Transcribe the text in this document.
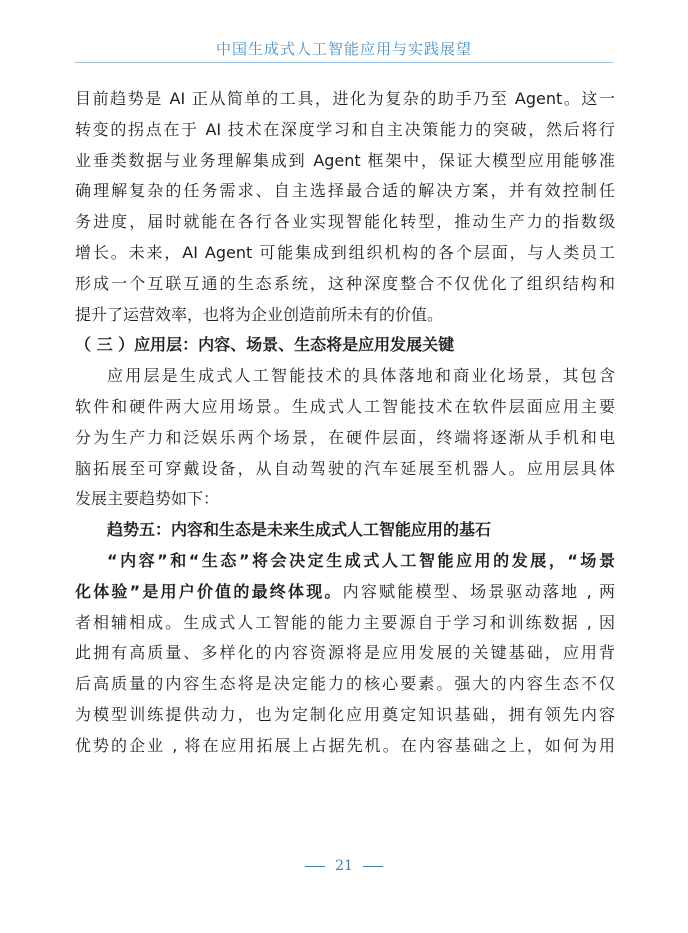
中国生成式人工智能应用与实践展望
目前趋势是 AI 正从简单的工具，进化为复杂的助手乃至 Agent。这一
转变的拐点在于 AI 技术在深度学习和自主决策能力的突破，然后将行
业垂类数据与业务理解集成到 Agent 框架中，保证大模型应用能够准
确理解复杂的任务需求、自主选择最合适的解决方案，并有效控制任
务进度，届时就能在各行各业实现智能化转型，推动生产力的指数级
增长。未来，AI Agent 可能集成到组织机构的各个层面，与人类员工
形成一个互联互通的生态系统，这种深度整合不仅优化了组织结构和
提升了运营效率，也将为企业创造前所未有的价值。
（ 三 ）应用层：内容、场景、生态将是应用发展关键
应用层是生成式人工智能技术的具体落地和商业化场景，其包含
软件和硬件两大应用场景。生成式人工智能技术在软件层面应用主要
分为生产力和泛娱乐两个场景，在硬件层面，终端将逐渐从手机和电
脑拓展至可穿戴设备，从自动驾驶的汽车延展至机器人。应用层具体
发展主要趋势如下：
趋势五：内容和生态是未来生成式人工智能应用的基石
“内容”和“生态”将会决定生成式人工智能应用的发展，“场景
化体验”是用户价值的最终体现。内容赋能模型、场景驱动落地 , 两
者相辅相成。生成式人工智能的能力主要源自于学习和训练数据 , 因
此拥有高质量、多样化的内容资源将是应用发展的关键基础，应用背
后高质量的内容生态将是决定能力的核心要素。强大的内容生态不仅
为模型训练提供动力，也为定制化应用奠定知识基础，拥有领先内容
优势的企业 , 将在应用拓展上占据先机。在内容基础之上，如何为用
21
